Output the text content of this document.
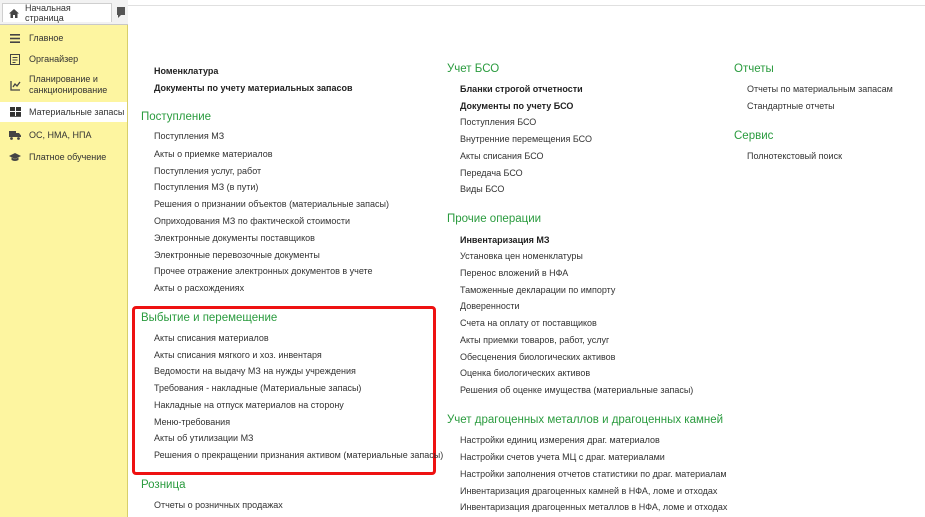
Начальная страница
Главное
Органайзер
Планирование и санкционирование
Материальные запасы
ОС, НМА, НПА
Платное обучение
Номенклатура
Документы по учету материальных запасов
Поступление
Поступления МЗ
Акты о приемке материалов
Поступления услуг, работ
Поступления МЗ (в пути)
Решения о признании объектов (материальные запасы)
Оприходования МЗ по фактической стоимости
Электронные документы поставщиков
Электронные перевозочные документы
Прочее отражение электронных документов в учете
Акты о расхождениях
Выбытие и перемещение
Акты списания материалов
Акты списания мягкого и хоз. инвентаря
Ведомости на выдачу МЗ на нужды учреждения
Требования - накладные (Материальные запасы)
Накладные на отпуск материалов на сторону
Меню-требования
Акты об утилизации МЗ
Решения о прекращении признания активом (материальные запасы)
Розница
Отчеты о розничных продажах
Учет БСО
Бланки строгой отчетности
Документы по учету БСО
Поступления БСО
Внутренние перемещения БСО
Акты списания БСО
Передача БСО
Виды БСО
Прочие операции
Инвентаризация МЗ
Установка цен номенклатуры
Перенос вложений в НФА
Таможенные декларации по импорту
Доверенности
Счета на оплату от поставщиков
Акты приемки товаров, работ, услуг
Обесценения биологических активов
Оценка биологических активов
Решения об оценке имущества (материальные запасы)
Учет драгоценных металлов и драгоценных камней
Настройки единиц измерения драг. материалов
Настройки счетов учета МЦ с драг. материалами
Настройки заполнения отчетов статистики по драг. материалам
Инвентаризация драгоценных камней в НФА, ломе и отходах
Инвентаризация драгоценных металлов в НФА, ломе и отходах
Отчеты
Отчеты по материальным запасам
Стандартные отчеты
Сервис
Полнотекстовый поиск
